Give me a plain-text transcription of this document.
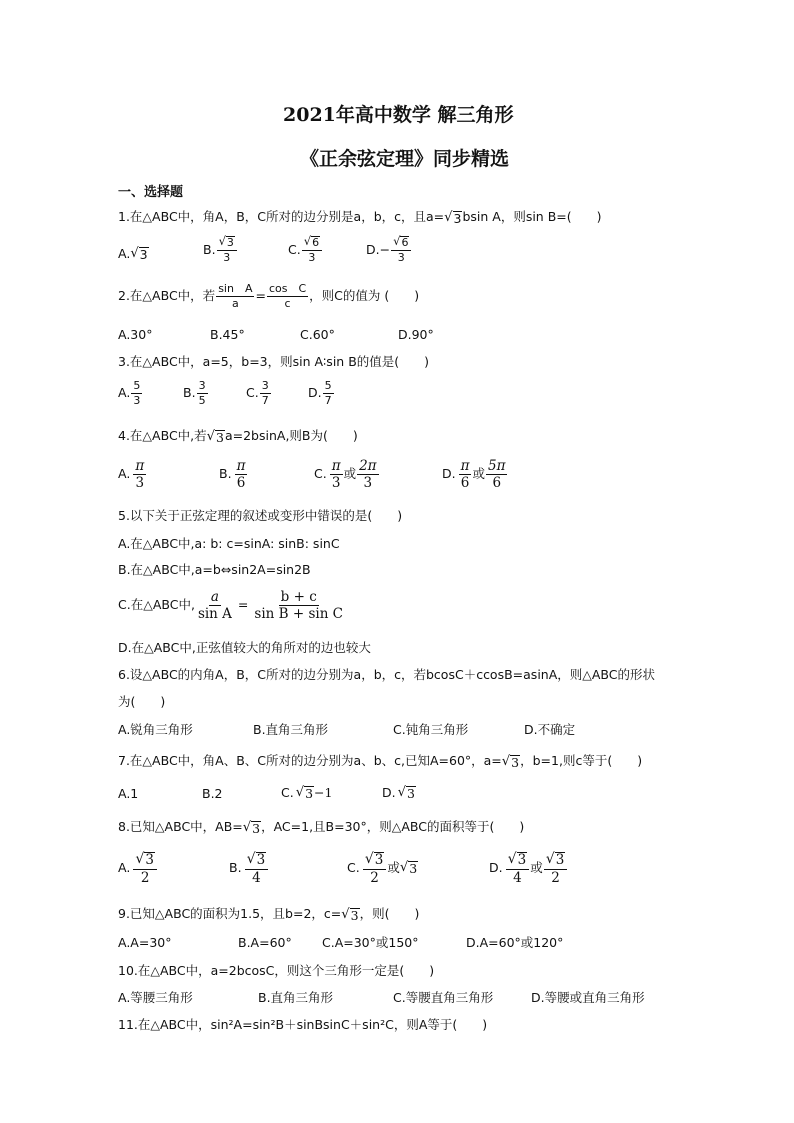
2021年高中数学 解三角形
《正余弦定理》同步精选
一、选择题
1.在△ABC中，角A，B，C所对的边分别是a，b，c，且a= √ 3 bsin A，则sin B=(　　)
A. √ 3	B. $\frac{√ 3}{3}$	C. $\frac{√ 6}{3}$	D. − $\frac{√ 6}{3}$
2.在△ABC中，若 $\frac{\text{sin　A}}{a} = \frac{\text{cos　C}}{c}$ ，则C的值为 (　　)
A.30°	B.45°	C.60°	D.90°
3.在△ABC中，a=5，b=3，则sin A∶sin B的值是(　　)
A. $\frac{5}{3}$	B. $\frac{3}{5}$	C. $\frac{3}{7}$	D. $\frac{5}{7}$
4.在△ABC中,若 √ 3 a=2bsinA,则B为(　　)
A. $\frac{\pi}{3}$	B. $\frac{\pi}{6}$	C. $\frac{\pi}{3}$ 或 $\frac{2\pi}{3}$	D. $\frac{\pi}{6}$ 或 $\frac{5\pi}{6}$
5.以下关于正弦定理的叙述或变形中错误的是(　　)
A.在△ABC中,a: b: c=sinA: sinB: sinC
B.在△ABC中,a=b⇔sin2A=sin2B
C.在△ABC中, $\frac{a}{\text{sin A}} = \frac{b + c}{\text{sin B + sin C}}$
D.在△ABC中,正弦值较大的角所对的边也较大
6.设△ABC的内角A，B，C所对的边分别为a，b，c，若bcosC＋ccosB=asinA，则△ABC的形状
为(　　)
A.锐角三角形	B.直角三角形	C.钝角三角形	D.不确定
7.在△ABC中，角A、B、C所对的边分别为a、b、c,已知A=60°，a= √ 3 ，b=1,则c等于(　　)
A.1	B.2	C. √ 3 −1	D. √ 3
8.已知△ABC中，AB= √ 3 ，AC=1,且B=30°，则△ABC的面积等于(　　)
A. $\frac{√ 3}{2}$	B. $\frac{√ 3}{4}$	C. $\frac{√ 3}{2}$ 或 √ 3	D. $\frac{√ 3}{4}$ 或 $\frac{√ 3}{2}$
9.已知△ABC的面积为1.5，且b=2，c= √ 3 ，则(　　)
A.A=30°	B.A=60° C.A=30°或150°	D.A=60°或120°
10.在△ABC中，a=2bcosC，则这个三角形一定是(　　)
A.等腰三角形	B.直角三角形	C.等腰直角三角形	D.等腰或直角三角形
11.在△ABC中，sin²A=sin²B＋sinBsinC＋sin²C，则A等于(　　)
